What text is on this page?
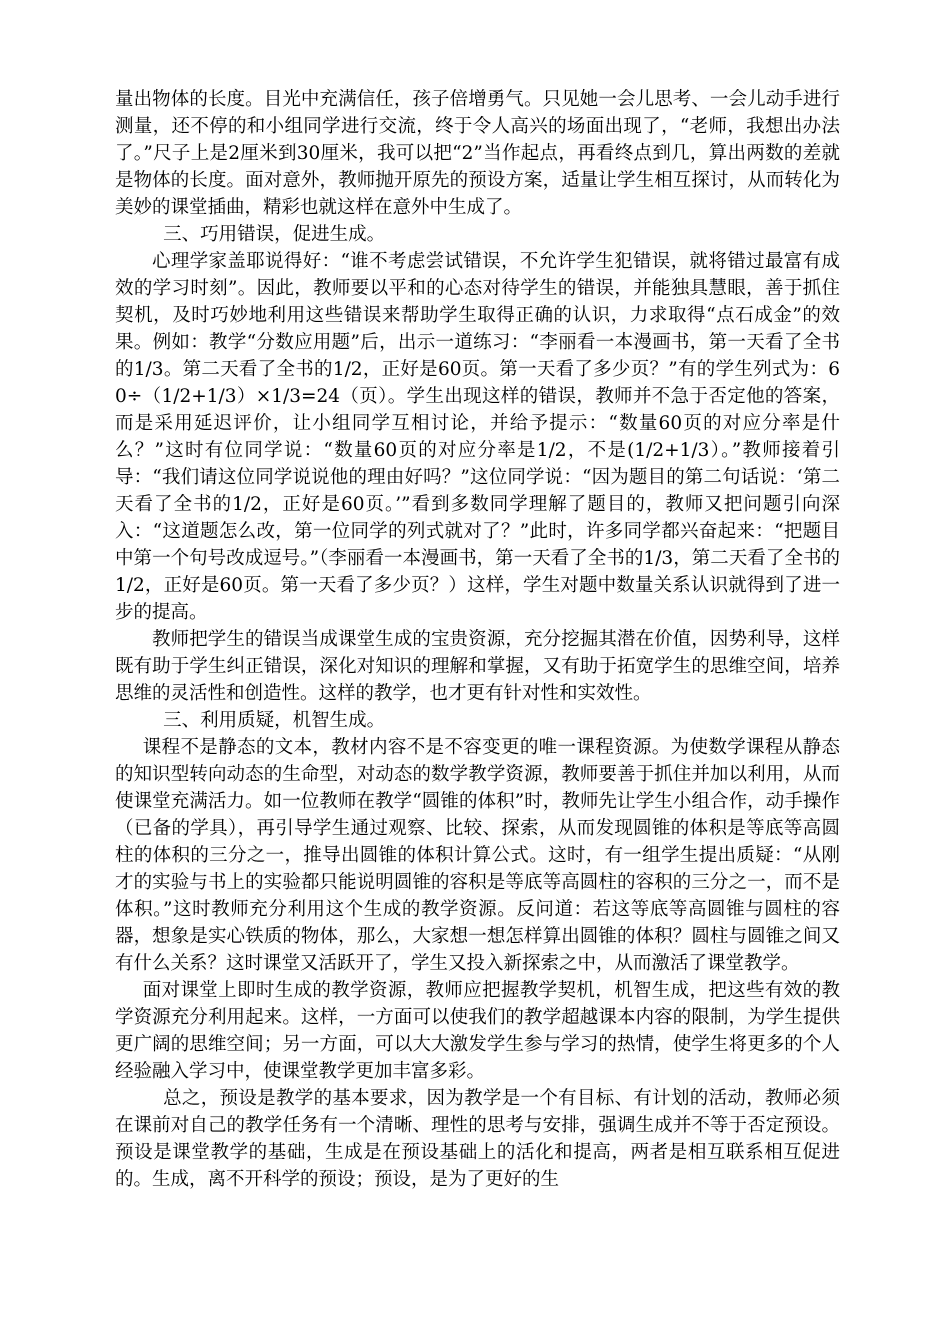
量出物体的长度。目光中充满信任，孩子倍增勇气。只见她一会儿思考、一会儿动手进行测量，还不停的和小组同学进行交流，终于令人高兴的场面出现了，“老师，我想出办法了。”尺子上是2厘米到30厘米，我可以把“2”当作起点，再看终点到几，算出两数的差就是物体的长度。面对意外，教师抛开原先的预设方案，适量让学生相互探讨，从而转化为美妙的课堂插曲，精彩也就这样在意外中生成了。

三、巧用错误，促进生成。

心理学家盖耶说得好：“谁不考虑尝试错误，不允许学生犯错误，就将错过最富有成效的学习时刻”。因此，教师要以平和的心态对待学生的错误，并能独具慧眼，善于抓住契机，及时巧妙地利用这些错误来帮助学生取得正确的认识，力求取得“点石成金”的效果。例如：教学“分数应用题”后，出示一道练习：“李丽看一本漫画书，第一天看了全书的1/3。第二天看了全书的1/2，正好是60页。第一天看了多少页？”有的学生列式为：60÷（1/2+1/3）×1/3=24（页）。学生出现这样的错误，教师并不急于否定他的答案，而是采用延迟评价，让小组同学互相讨论，并给予提示：“数量60页的对应分率是什么？”这时有位同学说：“数量60页的对应分率是1/2，不是(1/2+1/3）。”教师接着引导：“我们请这位同学说说他的理由好吗？”这位同学说：“因为题目的第二句话说：‘第二天看了全书的1/2，正好是60页。’”看到多数同学理解了题目的，教师又把问题引向深入：“这道题怎么改，第一位同学的列式就对了？”此时，许多同学都兴奋起来：“把题目中第一个句号改成逗号。”（李丽看一本漫画书，第一天看了全书的1/3，第二天看了全书的1/2，正好是60页。第一天看了多少页？）这样，学生对题中数量关系认识就得到了进一步的提高。

教师把学生的错误当成课堂生成的宝贵资源，充分挖掘其潜在价值，因势利导，这样既有助于学生纠正错误，深化对知识的理解和掌握，又有助于拓宽学生的思维空间，培养思维的灵活性和创造性。这样的教学，也才更有针对性和实效性。

三、利用质疑，机智生成。

课程不是静态的文本，教材内容不是不容变更的唯一课程资源。为使数学课程从静态的知识型转向动态的生命型，对动态的数学教学资源，教师要善于抓住并加以利用，从而使课堂充满活力。如一位教师在教学“圆锥的体积”时，教师先让学生小组合作，动手操作（已备的学具），再引导学生通过观察、比较、探索，从而发现圆锥的体积是等底等高圆柱的体积的三分之一，推导出圆锥的体积计算公式。这时，有一组学生提出质疑：“从刚才的实验与书上的实验都只能说明圆锥的容积是等底等高圆柱的容积的三分之一，而不是体积。”这时教师充分利用这个生成的教学资源。反问道：若这等底等高圆锥与圆柱的容器，想象是实心铁质的物体，那么，大家想一想怎样算出圆锥的体积？圆柱与圆锥之间又有什么关系？这时课堂又活跃开了，学生又投入新探索之中，从而激活了课堂教学。

面对课堂上即时生成的教学资源，教师应把握教学契机，机智生成，把这些有效的教学资源充分利用起来。这样，一方面可以使我们的教学超越课本内容的限制，为学生提供更广阔的思维空间；另一方面，可以大大激发学生参与学习的热情，使学生将更多的个人经验融入学习中，使课堂教学更加丰富多彩。

总之，预设是教学的基本要求，因为教学是一个有目标、有计划的活动，教师必须在课前对自己的教学任务有一个清晰、理性的思考与安排，强调生成并不等于否定预设。预设是课堂教学的基础，生成是在预设基础上的活化和提高，两者是相互联系相互促进的。生成，离不开科学的预设；预设，是为了更好的生
